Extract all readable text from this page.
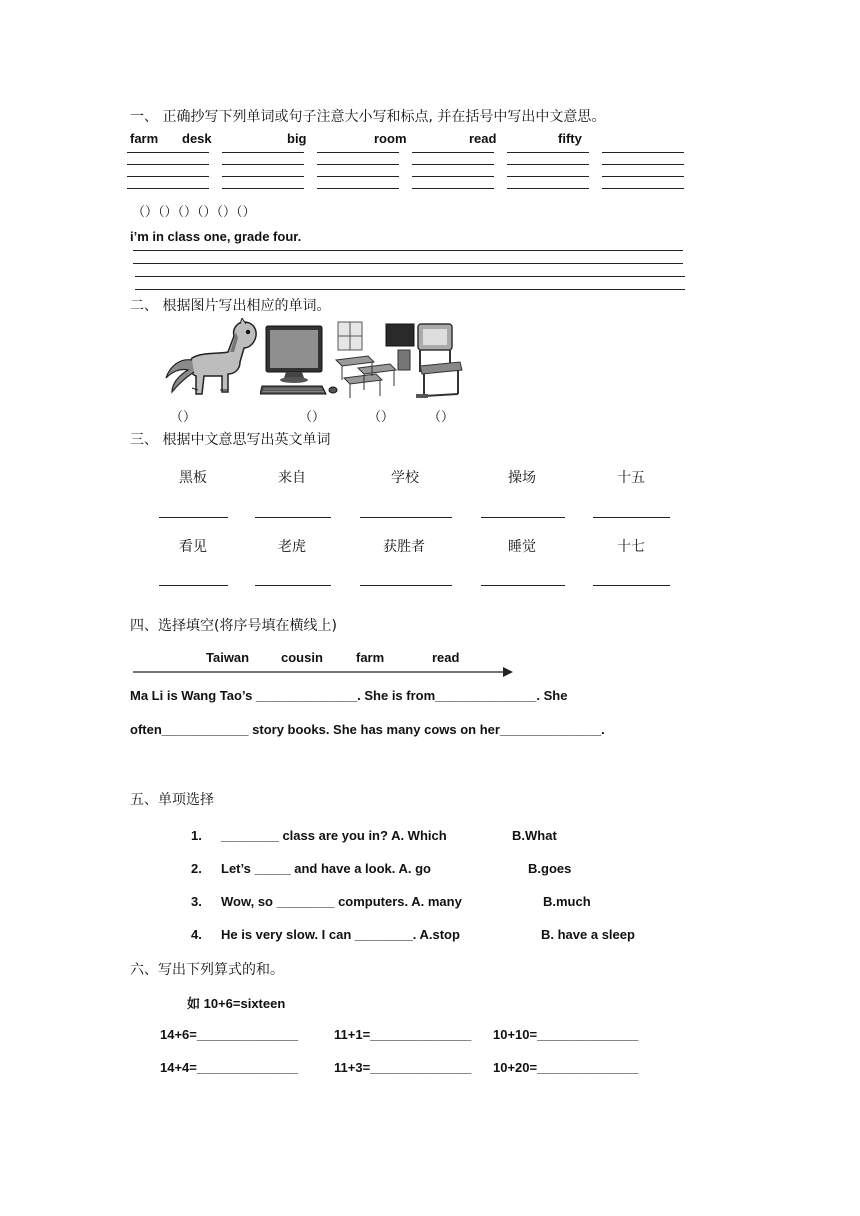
一、 正确抄写下列单词或句子注意大小写和标点, 并在括号中写出中文意思。
farm desk	big	room	read	fifty
（）（）（）（）（）（）
i’m in class one, grade four.
二、 根据图片写出相应的单词。
（）	（）	（）	（）
三、 根据中文意思写出英文单词
黑板	来自	学校	操场	十五
看见	老虎	获胜者	睡觉	十七
四、选择填空(将序号填在横线上)
Taiwan cousin	farm	read
Ma Li is Wang Tao’s ______________. She is from______________. She
often____________ story books. She has many cows on her______________.
五、单项选择
1. ________ class are you in? A. Which	B.What
2. Let’s _____ and have a look. A. go	B.goes
3. Wow, so ________ computers. A. many	B.much
4. He is very slow. I can ________. A.stop	B. have a sleep
六、写出下列算式的和。
如 10+6=sixteen
14+6=______________	11+1=______________ 10+10=______________
14+4=______________	11+3=______________ 10+20=______________
